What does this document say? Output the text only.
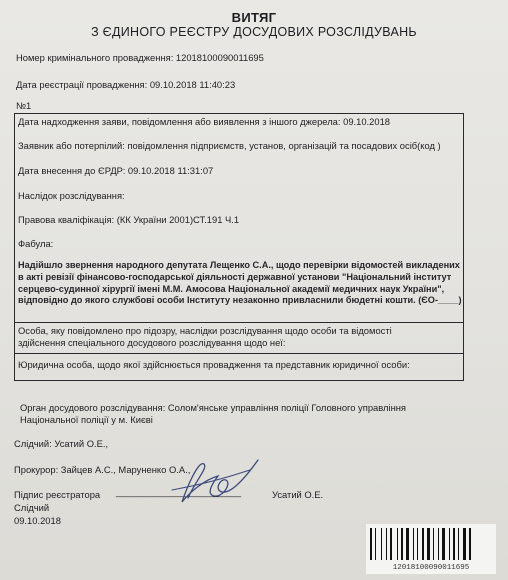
ВИТЯГ
З ЄДИНОГО РЕЄСТРУ ДОСУДОВИХ РОЗСЛІДУВАНЬ
Номер кримінального провадження: 12018100090011695
Дата реєстрації провадження: 09.10.2018 11:40:23
№1
Дата надходження заяви, повідомлення або виявлення з іншого джерела: 09.10.2018
Заявник або потерпілий: повідомлення підприємств, установ, організацій та посадових осіб(код )
Дата внесення до ЄРДР: 09.10.2018 11:31:07
Наслідок розслідування:
Правова кваліфікація: (КК України 2001)СТ.191 Ч.1
Фабула:
Надійшло звернення народного депутата Лещенко С.А., щодо перевірки відомостей викладених
в акті ревізії фінансово-господарської діяльності державної установи "Національний інститут
серцево-судинної хірургії імені М.М. Амосова Національної академії медичних наук України",
відповідно до якого службові особи Інституту незаконно привласнили бюдетні кошти. (ЄО-____)
Особа, яку повідомлено про підозру, наслідки розслідування щодо особи та відомості
здійснення спеціального досудового розслідування щодо неї:
Юридична особа, щодо якої здійснюється провадження та представник юридичної особи:
Орган досудового розслідування: Солом'янське управління поліції Головного управління
Національної поліції у м. Києві
Слідчий: Усатий О.Е.,
Прокурор: Зайцев А.С., Маруненко О.А.,
Підпис реєстратора ________________________	Усатий О.Е.
Слідчий
09.10.2018
12018100090011695
